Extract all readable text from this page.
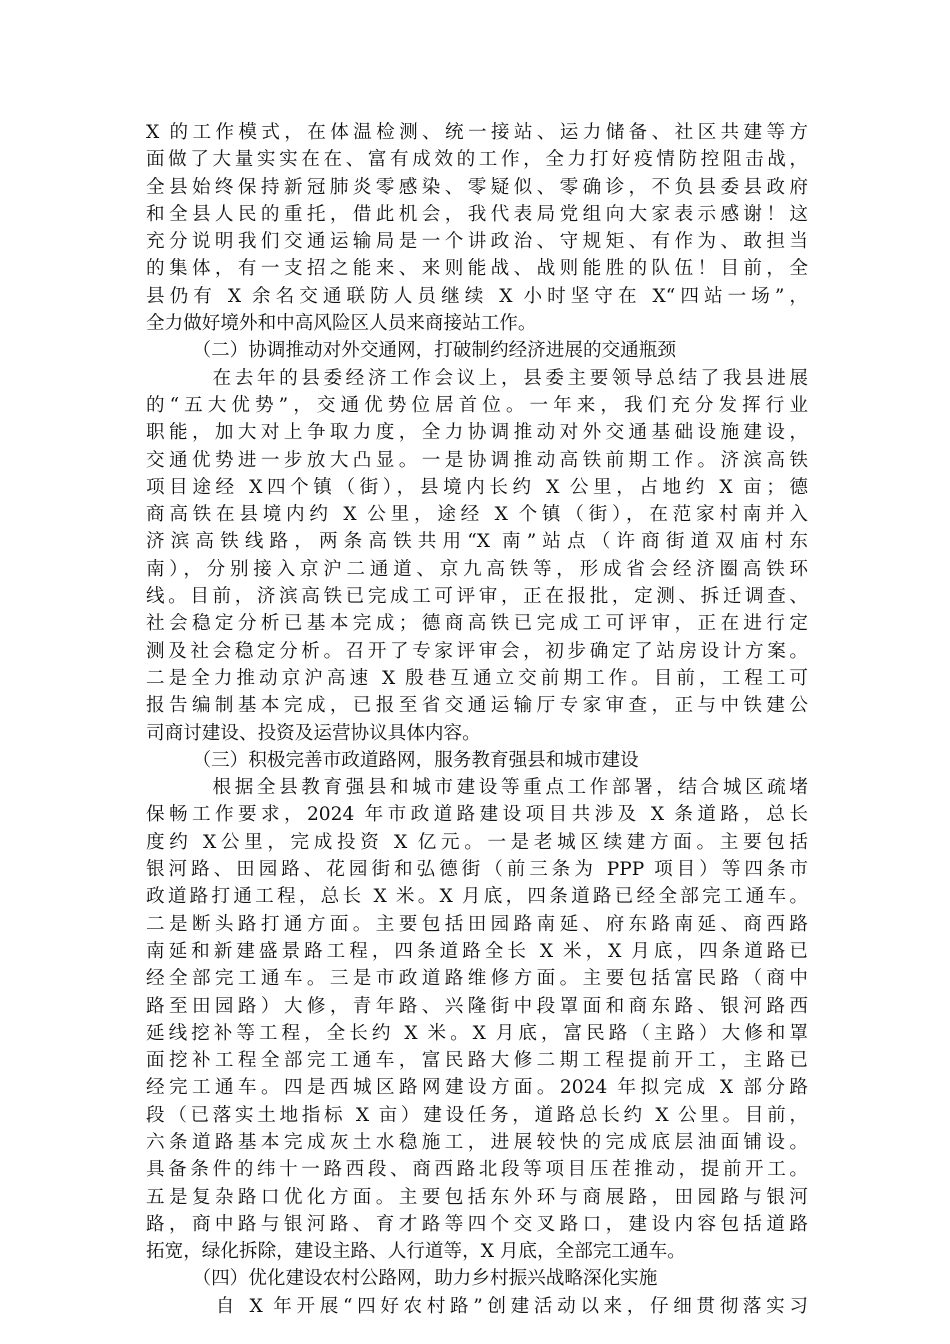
X 的工作模式，在体温检测、统一接站、运力储备、社区共建等方
面做了大量实实在在、富有成效的工作，全力打好疫情防控阻击战，
全县始终保持新冠肺炎零感染、零疑似、零确诊，不负县委县政府
和全县人民的重托，借此机会，我代表局党组向大家表示感谢！这
充分说明我们交通运输局是一个讲政治、守规矩、有作为、敢担当
的集体，有一支招之能来、来则能战、战则能胜的队伍！目前，全
县仍有 X 余名交通联防人员继续 X 小时坚守在 X“四站一场”，
全力做好境外和中高风险区人员来商接站工作。
　　　（二）协调推动对外交通网，打破制约经济进展的交通瓶颈
　　　在去年的县委经济工作会议上，县委主要领导总结了我县进展
的“五大优势”，交通优势位居首位。一年来，我们充分发挥行业
职能，加大对上争取力度，全力协调推动对外交通基础设施建设，
交通优势进一步放大凸显。一是协调推动高铁前期工作。济滨高铁
项目途经 X四个镇（街），县境内长约 X 公里，占地约 X 亩；德
商高铁在县境内约 X 公里，途经 X 个镇（街），在范家村南并入
济滨高铁线路，两条高铁共用“X 南”站点（许商街道双庙村东
南），分别接入京沪二通道、京九高铁等，形成省会经济圈高铁环
线。目前，济滨高铁已完成工可评审，正在报批，定测、拆迁调查、
社会稳定分析已基本完成；德商高铁已完成工可评审，正在进行定
测及社会稳定分析。召开了专家评审会，初步确定了站房设计方案。
二是全力推动京沪高速 X 殷巷互通立交前期工作。目前，工程工可
报告编制基本完成，已报至省交通运输厅专家审查，正与中铁建公
司商讨建设、投资及运营协议具体内容。
　　　（三）积极完善市政道路网，服务教育强县和城市建设
　　　根据全县教育强县和城市建设等重点工作部署，结合城区疏堵
保畅工作要求，2024 年市政道路建设项目共涉及 X 条道路，总长
度约 X公里，完成投资 X 亿元。一是老城区续建方面。主要包括
银河路、田园路、花园街和弘德街（前三条为 PPP 项目）等四条市
政道路打通工程，总长 X 米。X 月底，四条道路已经全部完工通车。
二是断头路打通方面。主要包括田园路南延、府东路南延、商西路
南延和新建盛景路工程，四条道路全长 X 米，X 月底，四条道路已
经全部完工通车。三是市政道路维修方面。主要包括富民路（商中
路至田园路）大修，青年路、兴隆街中段罩面和商东路、银河路西
延线挖补等工程，全长约 X 米。X 月底，富民路（主路）大修和罩
面挖补工程全部完工通车，富民路大修二期工程提前开工，主路已
经完工通车。四是西城区路网建设方面。2024 年拟完成 X 部分路
段（已落实土地指标 X 亩）建设任务，道路总长约 X 公里。目前，
六条道路基本完成灰土水稳施工，进展较快的完成底层油面铺设。
具备条件的纬十一路西段、商西路北段等项目压茬推动，提前开工。
五是复杂路口优化方面。主要包括东外环与商展路，田园路与银河
路，商中路与银河路、育才路等四个交叉路口，建设内容包括道路
拓宽，绿化拆除，建设主路、人行道等，X 月底，全部完工通车。
　　　（四）优化建设农村公路网，助力乡村振兴战略深化实施
　　　自 X 年开展“四好农村路”创建活动以来，仔细贯彻落实习
